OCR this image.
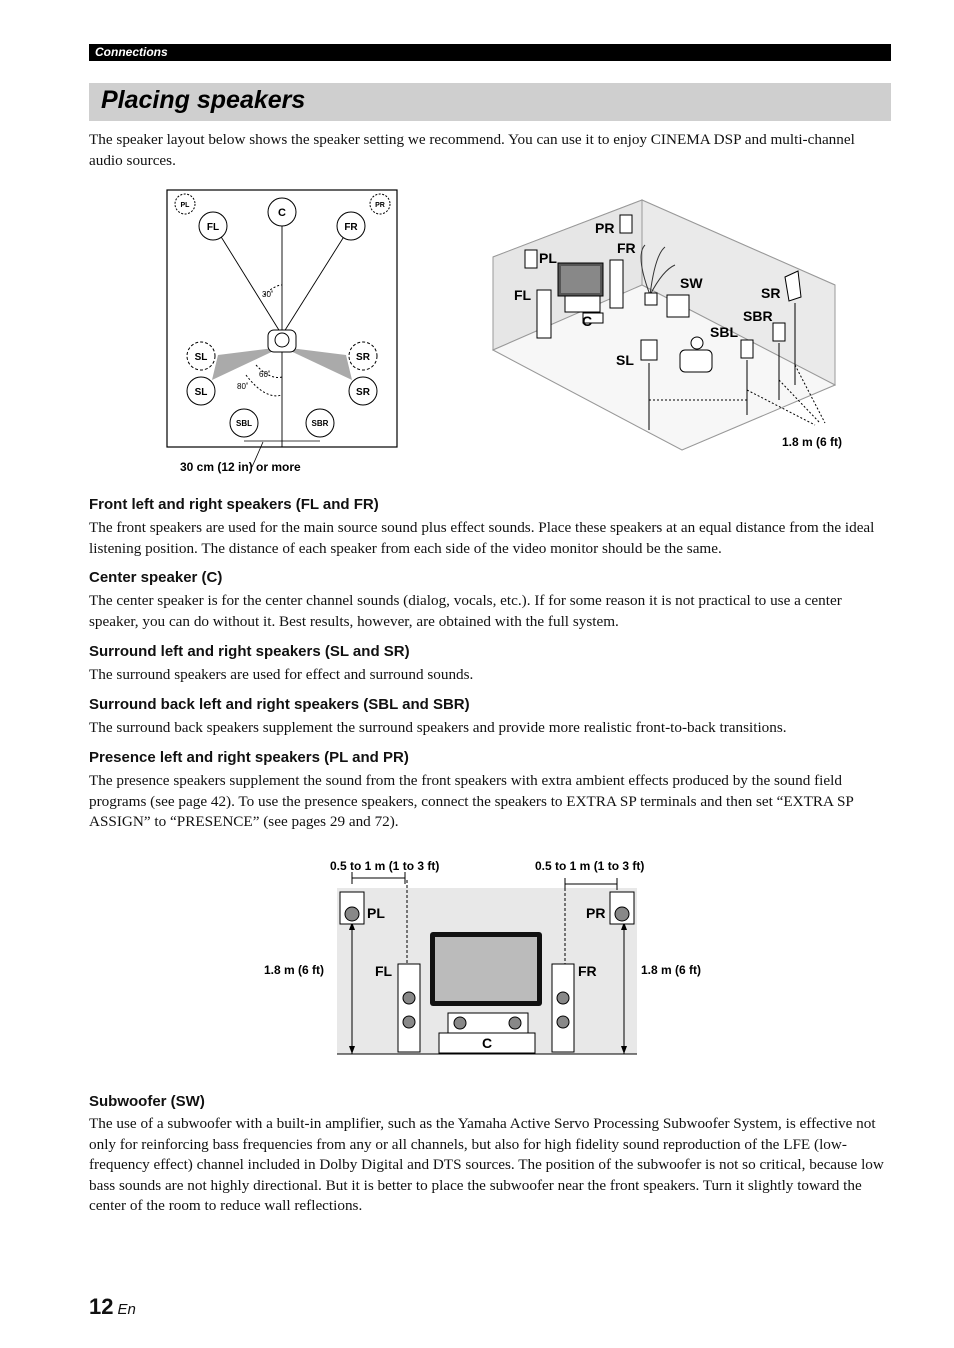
Connections
Placing speakers

The speaker layout below shows the speaker setting we recommend. You can use it to enjoy CINEMA DSP and multi-channel audio sources.

PL	PR
C
FL	FR
SL	SR
SL	SR
SBL	SBR
30˚
60˚
80˚
30 cm (12 in) or more
PR
PL
FR
FL
SW
C
SR
SBR
SBL
SL
1.8 m (6 ft)
Front left and right speakers (FL and FR)

The front speakers are used for the main source sound plus effect sounds. Place these speakers at an equal distance from the ideal listening position. The distance of each speaker from each side of the video monitor should be the same.

Center speaker (C)

The center speaker is for the center channel sounds (dialog, vocals, etc.). If for some reason it is not practical to use a center speaker, you can do without it. Best results, however, are obtained with the full system.

Surround left and right speakers (SL and SR)

The surround speakers are used for effect and surround sounds.

Surround back left and right speakers (SBL and SBR)

The surround back speakers supplement the surround speakers and provide more realistic front-to-back transitions.

Presence left and right speakers (PL and PR)

The presence speakers supplement the sound from the front speakers with extra ambient effects produced by the sound field programs (see page 42). To use the presence speakers, connect the speakers to EXTRA SP terminals and then set “EXTRA SP ASSIGN” to “PRESENCE” (see pages 29 and 72).

0.5 to 1 m (1 to 3 ft)	0.5 to 1 m (1 to 3 ft)
1.8 m (6 ft)	1.8 m (6 ft)
PL	PR
FL	FR
C
Subwoofer (SW)

The use of a subwoofer with a built-in amplifier, such as the Yamaha Active Servo Processing Subwoofer System, is effective not only for reinforcing bass frequencies from any or all channels, but also for high fidelity sound reproduction of the LFE (low-frequency effect) channel included in Dolby Digital and DTS sources. The position of the subwoofer is not so critical, because low bass sounds are not highly directional. But it is better to place the subwoofer near the front speakers. Turn it slightly toward the center of the room to reduce wall reflections.

12 En
